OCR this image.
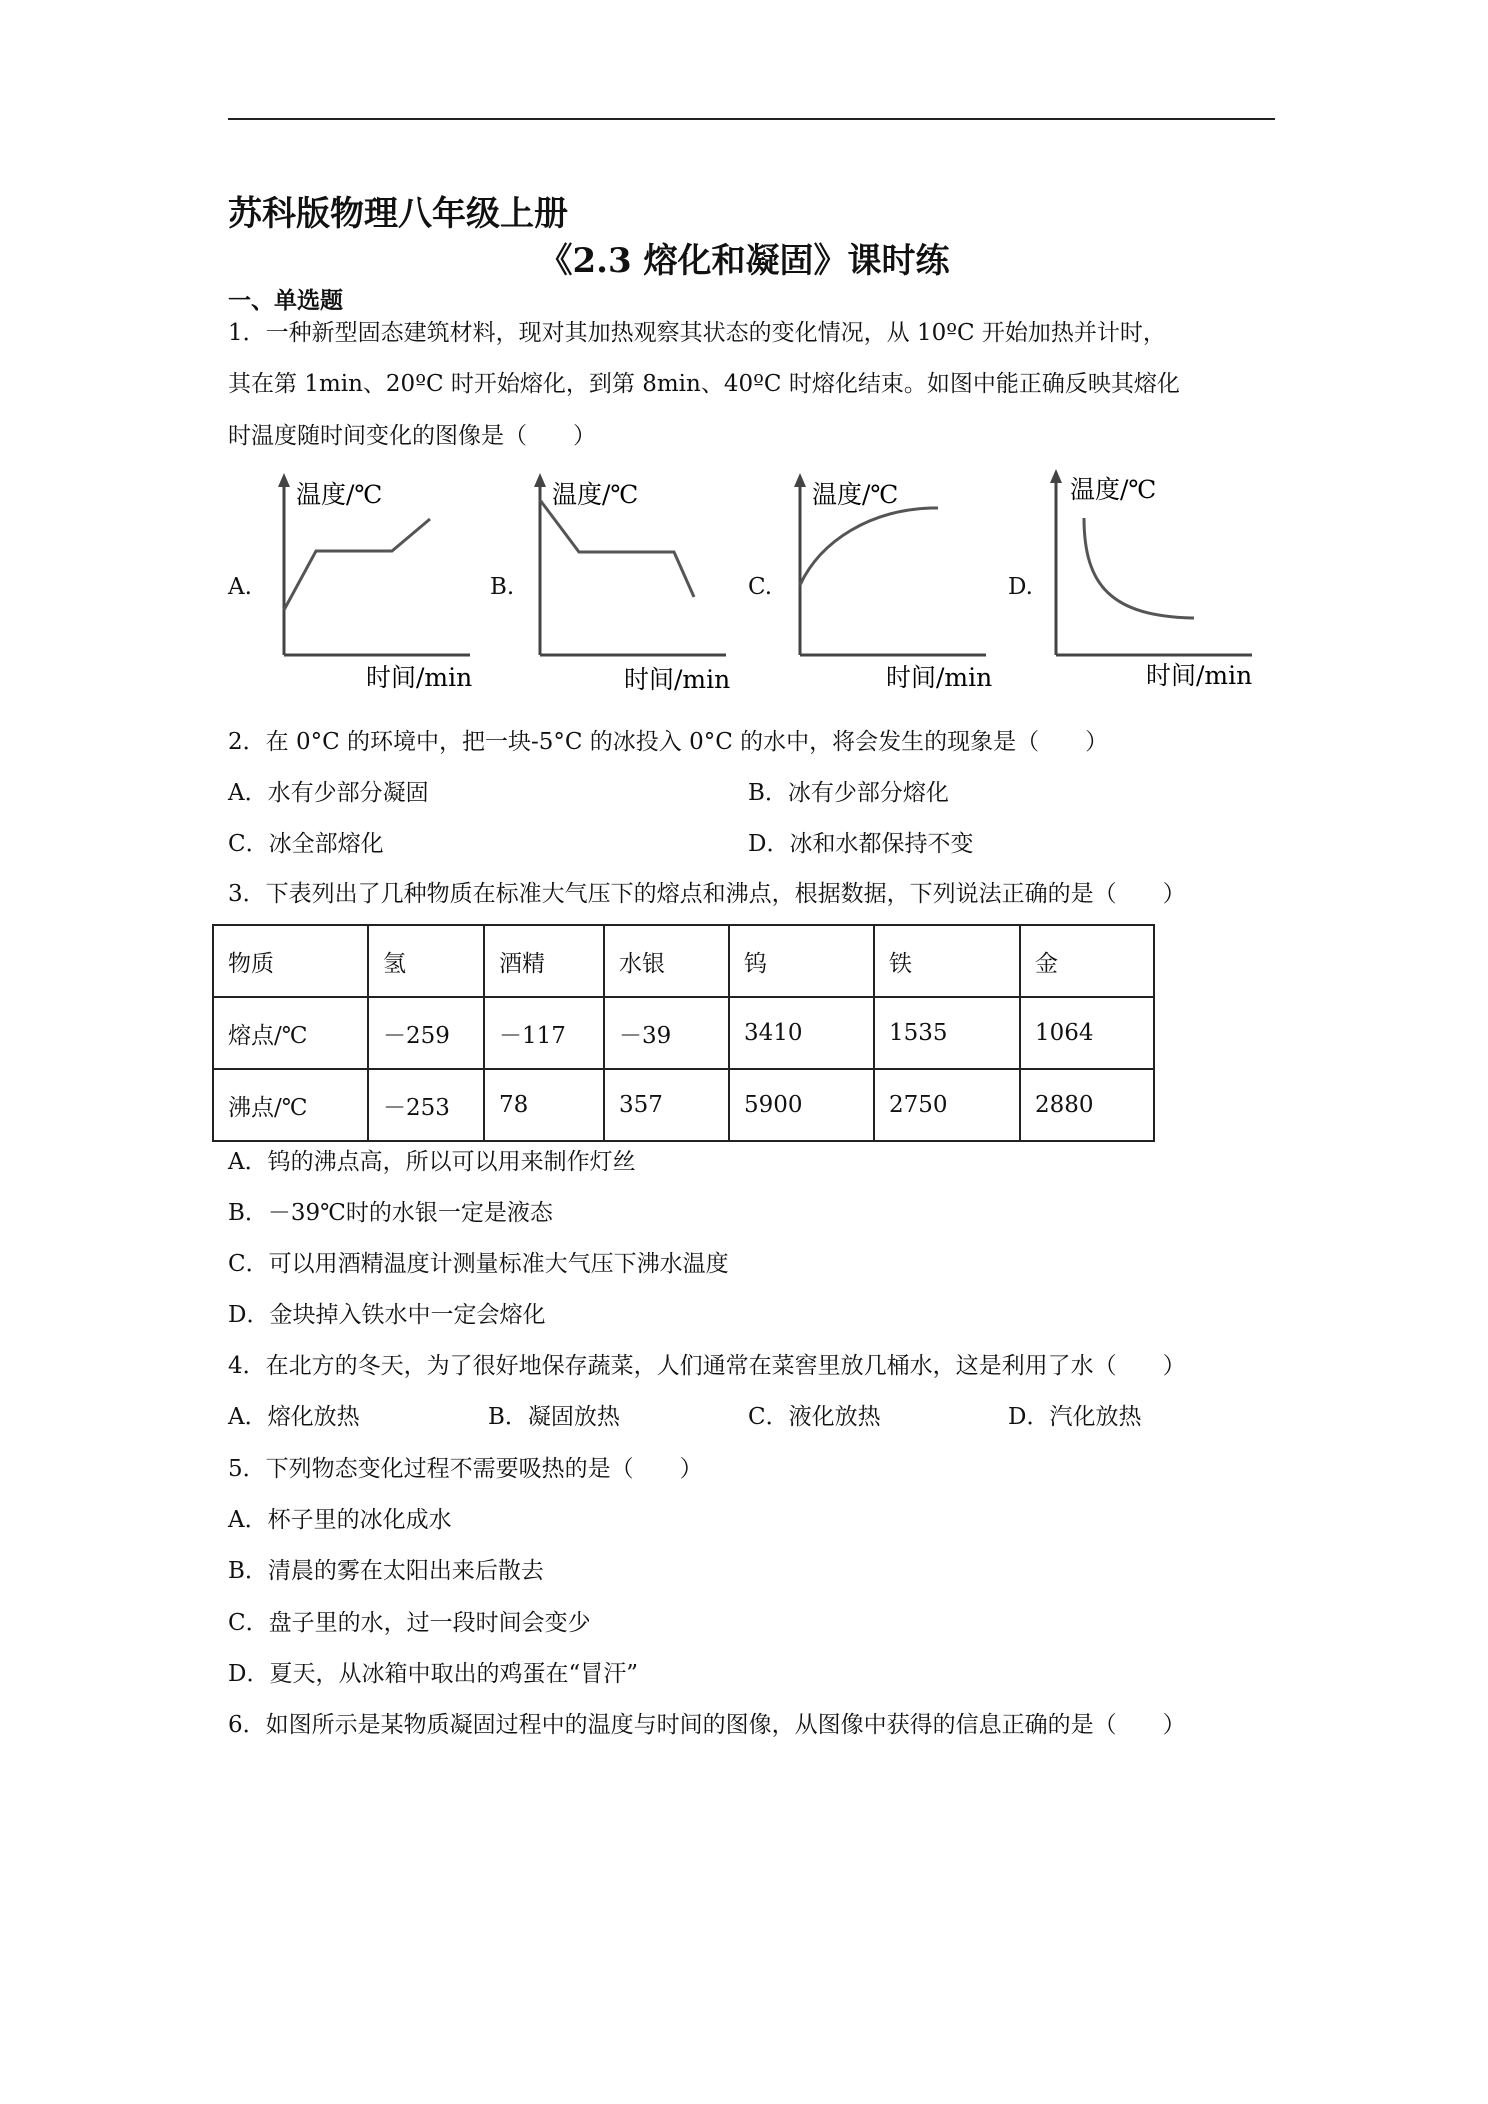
苏科版物理八年级上册
《2.3 熔化和凝固》课时练
一、单选题
1．一种新型固态建筑材料，现对其加热观察其状态的变化情况，从 10ºC 开始加热并计时，
其在第 1min、20ºC 时开始熔化，到第 8min、40ºC 时熔化结束。如图中能正确反映其熔化
时温度随时间变化的图像是（　　）
A.	B.	C.	D.
温度/℃
时间/min
温度/℃
时间/min
温度/℃
时间/min
温度/℃
时间/min
2．在 0°C 的环境中，把一块-5°C 的冰投入 0°C 的水中，将会发生的现象是（　　）
A．水有少部分凝固	B．冰有少部分熔化
C．冰全部熔化	D．冰和水都保持不变
3．下表列出了几种物质在标准大气压下的熔点和沸点，根据数据，下列说法正确的是（　　）
物质	氢	酒精	水银	钨	铁	金
熔点/℃	－259	－117	－39	3410	1535	1064
沸点/℃	－253	78	357	5900	2750	2880
A．钨的沸点高，所以可以用来制作灯丝
B．－39℃时的水银一定是液态
C．可以用酒精温度计测量标准大气压下沸水温度
D．金块掉入铁水中一定会熔化
4．在北方的冬天，为了很好地保存蔬菜，人们通常在菜窖里放几桶水，这是利用了水（　　）
A．熔化放热	B．凝固放热	C．液化放热	D．汽化放热
5．下列物态变化过程不需要吸热的是（　　）
A．杯子里的冰化成水
B．清晨的雾在太阳出来后散去
C．盘子里的水，过一段时间会变少
D．夏天，从冰箱中取出的鸡蛋在“冒汗”
6．如图所示是某物质凝固过程中的温度与时间的图像，从图像中获得的信息正确的是（　　）
